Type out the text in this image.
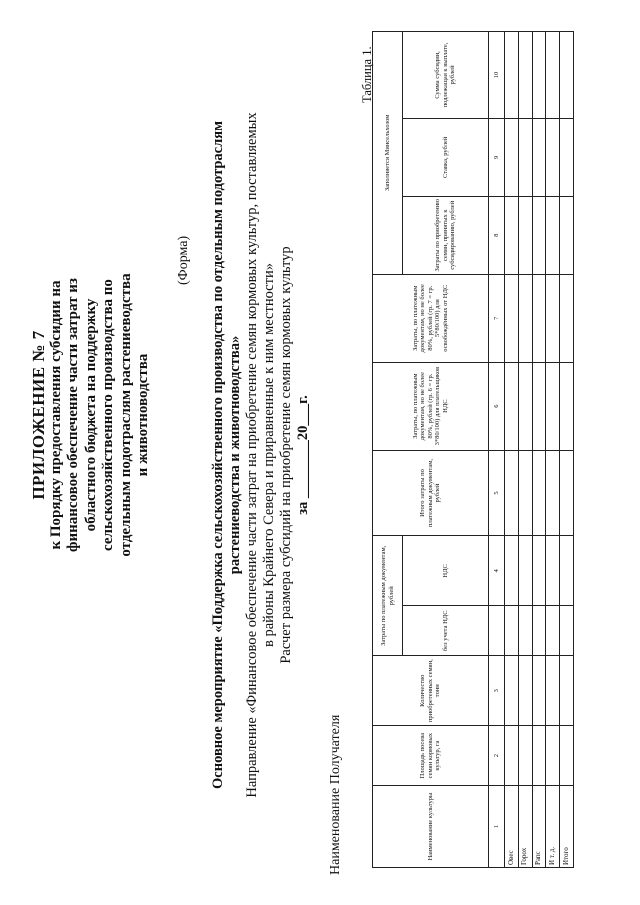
ПРИЛОЖЕНИЕ № 7 к Порядку предоставления субсидии на финансовое обеспечение части затрат из областного бюджета на поддержку сельскохозяйственного производства по отдельным подотраслям растениеводства и животноводства
(Форма) Основное мероприятие «Поддержка сельскохозяйственного производства по отдельным подотраслям растениеводства и животноводства» Направление «Финансовое обеспечение части затрат на приобретение семян кормовых культур, поставляемых в районы Крайнего Севера и приравненные к ним местности» Расчет размера субсидий на приобретение семян кормовых культур за ________20___г.
Наименование Получателя
Таблица 1.
Наименование культуры	Площадь посева семян кормовых культур, га	Количество приобретенных семян, тонн	Затраты по платежным документам, рублей		Итого затраты по платежным документам, рублей	Затраты, по платежным документам, но не более 80%, рублей (гр. 6 = гр. 3*80/100) для плательщиков НДС	Затраты, по платежным документам, но не более 80%, рублей (гр. 7 = гр. 5*80/100) для освобождённых от НДС	Заполняется Минсельхозом		
			без учета НДС	НДС				Затраты по приобретению семян, принятых к субсидированию, рублей	Ставка, рублей	Сумма субсидии, подлежащая к выплате, рублей
1	2	3		4	5	6	7	8	9	10
Овес										
Горох										
Рапс										
И т. д.										
Итого										
